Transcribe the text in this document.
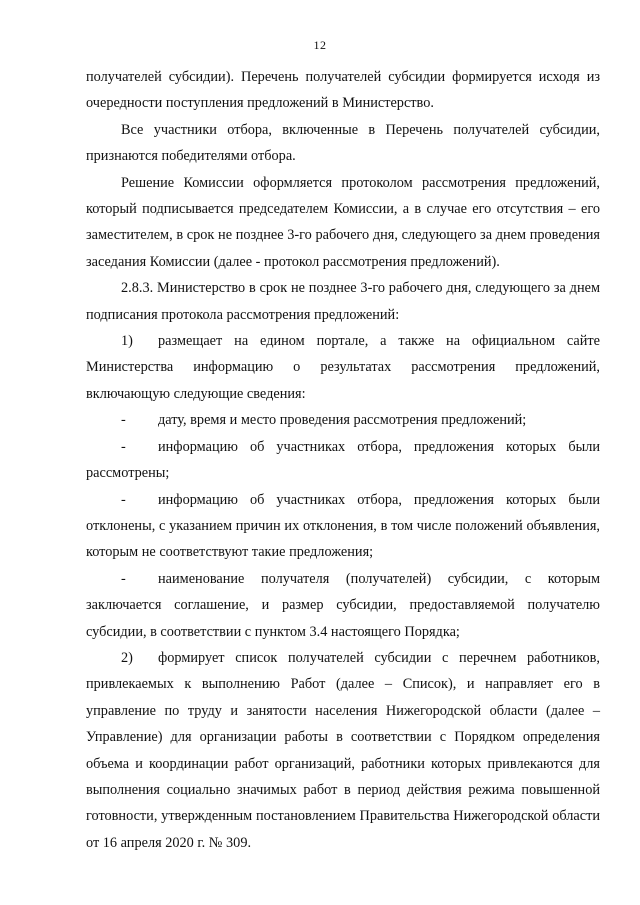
12

получателей субсидии). Перечень получателей субсидии формируется исходя из очередности поступления предложений в Министерство.

Все участники отбора, включенные в Перечень получателей субсидии, признаются победителями отбора.

Решение Комиссии оформляется протоколом рассмотрения предложений, который подписывается председателем Комиссии, а в случае его отсутствия – его заместителем, в срок не позднее 3-го рабочего дня, следующего за днем проведения заседания Комиссии (далее - протокол рассмотрения предложений).

2.8.3. Министерство в срок не позднее 3-го рабочего дня, следующего за днем подписания протокола рассмотрения предложений:

1) размещает на едином портале, а также на официальном сайте Министерства информацию о результатах рассмотрения предложений, включающую следующие сведения:

- дату, время и место проведения рассмотрения предложений;

- информацию об участниках отбора, предложения которых были рассмотрены;

- информацию об участниках отбора, предложения которых были отклонены, с указанием причин их отклонения, в том числе положений объявления, которым не соответствуют такие предложения;

- наименование получателя (получателей) субсидии, с которым заключается соглашение, и размер субсидии, предоставляемой получателю субсидии, в соответствии с пунктом 3.4 настоящего Порядка;

2) формирует список получателей субсидии с перечнем работников, привлекаемых к выполнению Работ (далее – Список), и направляет его в управление по труду и занятости населения Нижегородской области (далее – Управление) для организации работы в соответствии с Порядком определения объема и координации работ организаций, работники которых привлекаются для выполнения социально значимых работ в период действия режима повышенной готовности, утвержденным постановлением Правительства Нижегородской области от 16 апреля 2020 г. № 309.
